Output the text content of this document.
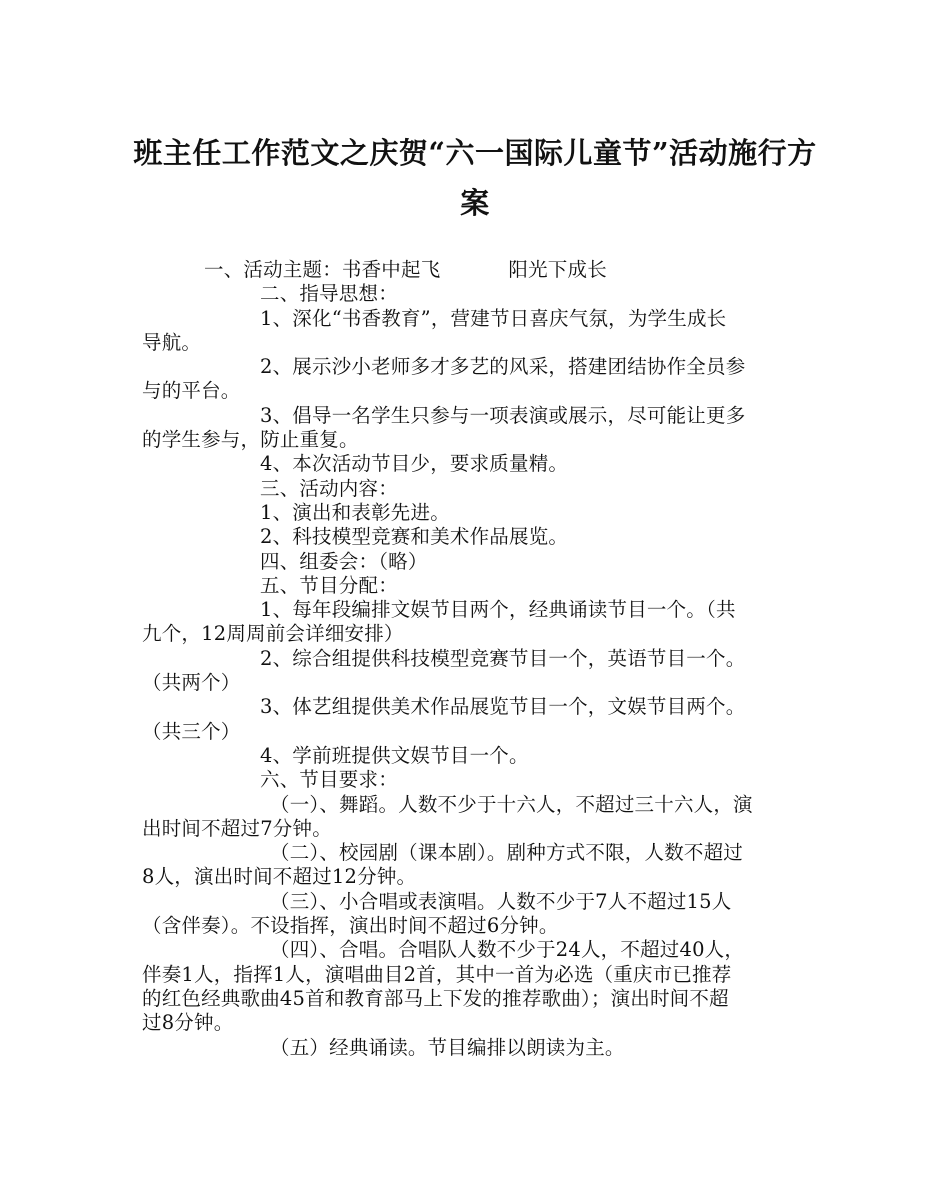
班主任工作范文之庆贺“六一国际儿童节”活动施行方
案
一、活动主题：书香中起飞	阳光下成长
二、指导思想：
1、深化“书香教育”，营建节日喜庆气氛，为学生成长
导航。
2、展示沙小老师多才多艺的风采，搭建团结协作全员参
与的平台。
3、倡导一名学生只参与一项表演或展示，尽可能让更多
的学生参与，防止重复。
4、本次活动节目少，要求质量精。
三、活动内容：
1、演出和表彰先进。
2、科技模型竞赛和美术作品展览。
四、组委会：（略）
五、节目分配：
1、每年段编排文娱节目两个，经典诵读节目一个。（共
九个，12周周前会详细安排）
2、综合组提供科技模型竞赛节目一个，英语节目一个。
（共两个）
3、体艺组提供美术作品展览节目一个，文娱节目两个。
（共三个）
4、学前班提供文娱节目一个。
六、节目要求：
（一）、舞蹈。人数不少于十六人，不超过三十六人，演
出时间不超过7分钟。
（二）、校园剧（课本剧）。剧种方式不限，人数不超过
8人，演出时间不超过12分钟。
（三）、小合唱或表演唱。人数不少于7人不超过15人
（含伴奏）。不设指挥，演出时间不超过6分钟。
（四）、合唱。合唱队人数不少于24人，不超过40人，
伴奏1人，指挥1人，演唱曲目2首，其中一首为必选（重庆市已推荐
的红色经典歌曲45首和教育部马上下发的推荐歌曲）；演出时间不超
过8分钟。
（五）经典诵读。节目编排以朗读为主。
